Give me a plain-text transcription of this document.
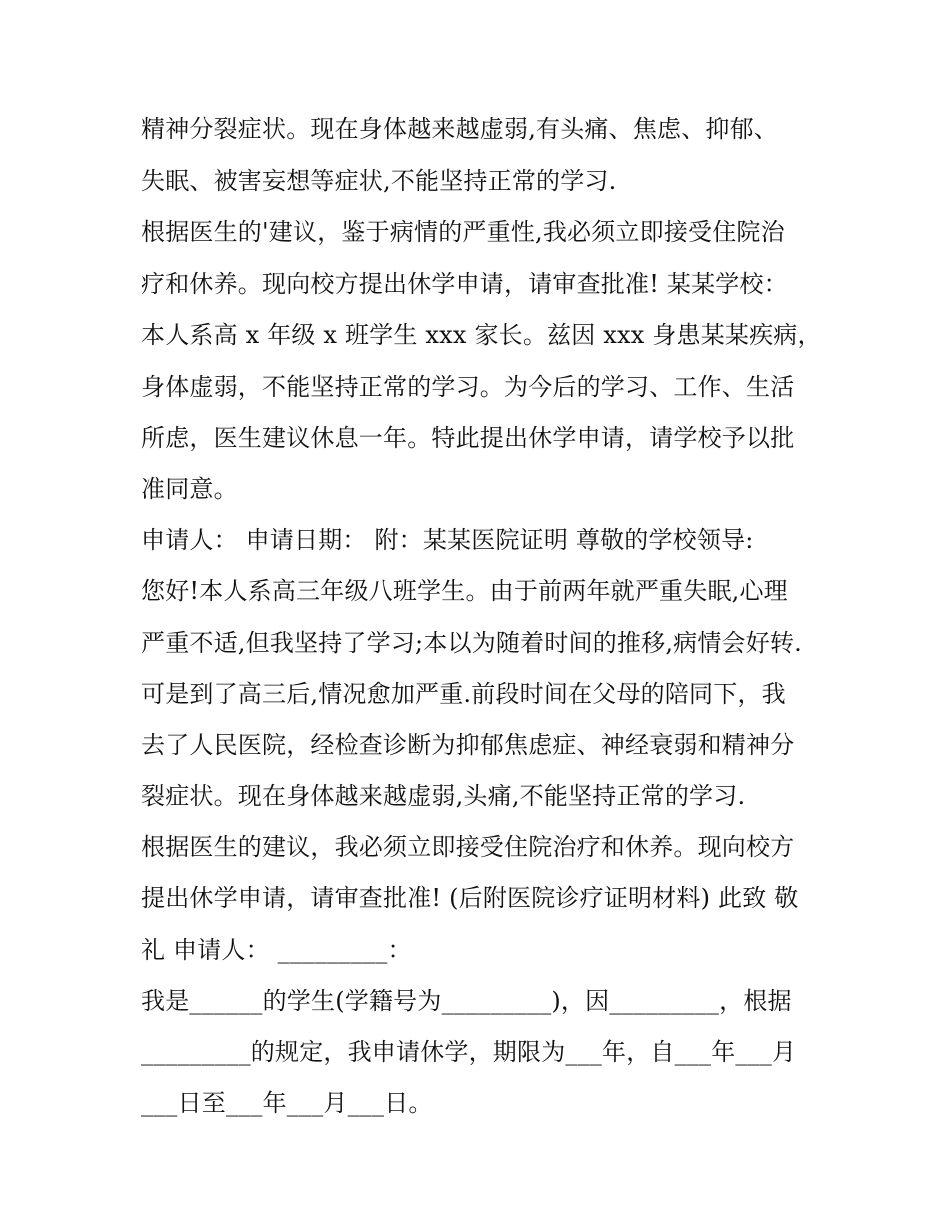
精神分裂症状。现在身体越来越虚弱,有头痛、焦虑、抑郁、
失眠、被害妄想等症状,不能坚持正常的学习.
根据医生的'建议，鉴于病情的严重性,我必须立即接受住院治
疗和休养。现向校方提出休学申请，请审查批准! 某某学校：
本人系高 x 年级 x 班学生 xxx 家长。兹因 xxx 身患某某疾病，
身体虚弱，不能坚持正常的学习。为今后的学习、工作、生活
所虑，医生建议休息一年。特此提出休学申请，请学校予以批
准同意。
申请人： 申请日期： 附：某某医院证明 尊敬的学校领导:
您好!本人系高三年级八班学生。由于前两年就严重失眠,心理
严重不适,但我坚持了学习;本以为随着时间的推移,病情会好转.
可是到了高三后,情况愈加严重.前段时间在父母的陪同下，我
去了人民医院，经检查诊断为抑郁焦虑症、神经衰弱和精神分
裂症状。现在身体越来越虚弱,头痛,不能坚持正常的学习.
根据医生的建议，我必须立即接受住院治疗和休养。现向校方
提出休学申请，请审查批准! (后附医院诊疗证明材料) 此致 敬
礼 申请人： _________：
我是______的学生(学籍号为_________)，因_________，根据
_________的规定，我申请休学，期限为___年，自___年___月
___日至___年___月___日。
